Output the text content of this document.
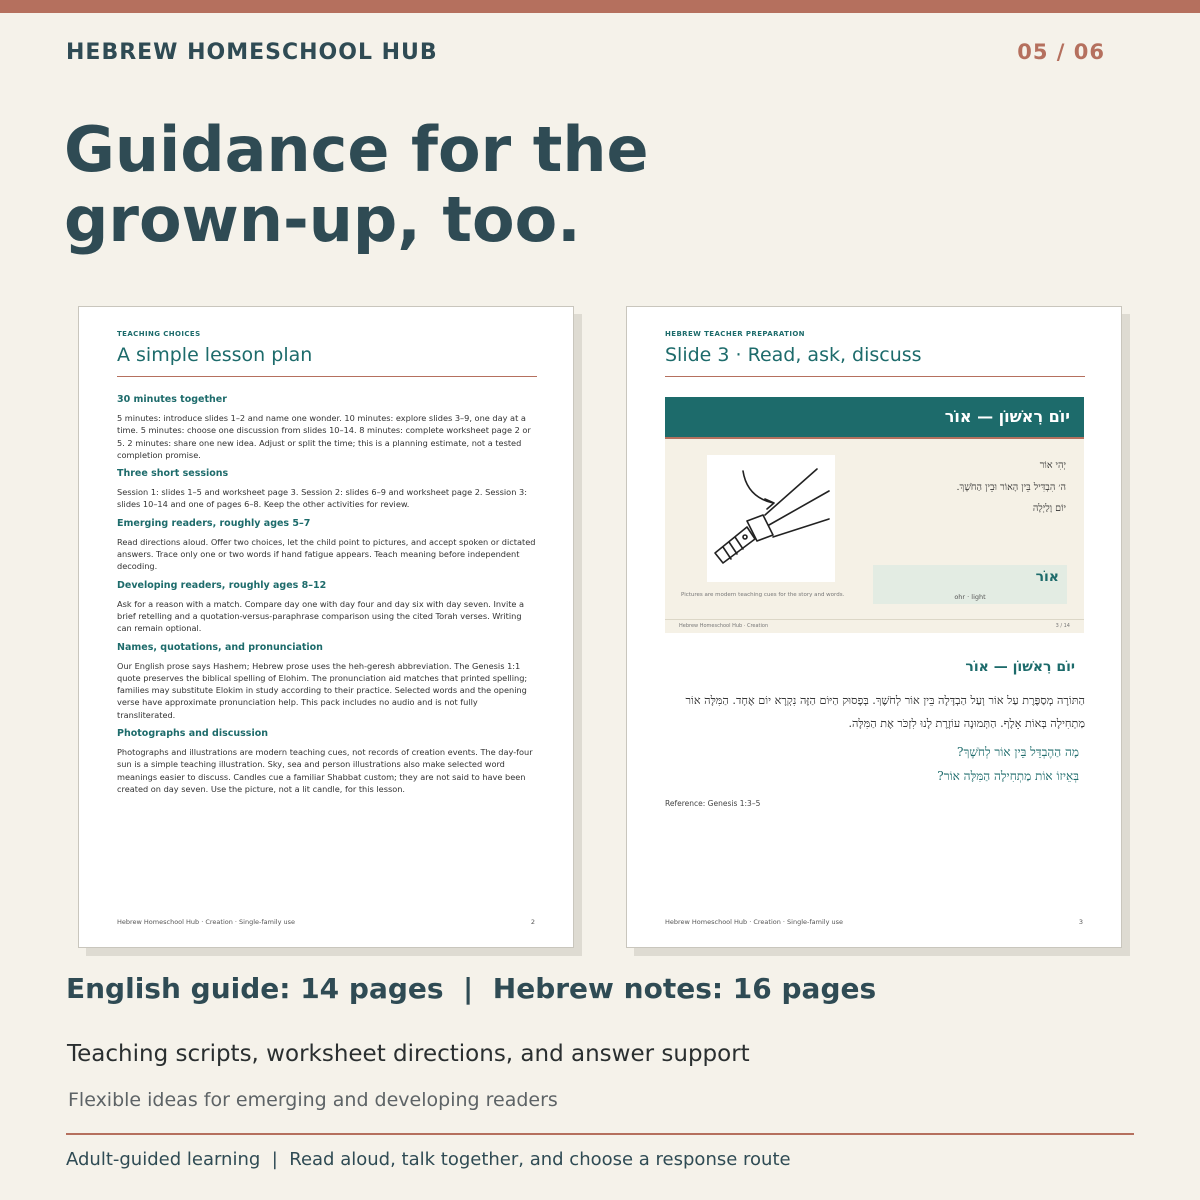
HEBREW HOMESCHOOL HUB	05 / 06
Guidance for the grown-up, too.
TEACHING CHOICES
A simple lesson plan
30 minutes together
5 minutes: introduce slides 1–2 and name one wonder. 10 minutes: explore slides 3–9, one day at a time. 5 minutes: choose one discussion from slides 10–14. 8 minutes: complete worksheet page 2 or 5. 2 minutes: share one new idea. Adjust or split the time; this is a planning estimate, not a tested completion promise.
Three short sessions
Session 1: slides 1–5 and worksheet page 3. Session 2: slides 6–9 and worksheet page 2. Session 3: slides 10–14 and one of pages 6–8. Keep the other activities for review.
Emerging readers, roughly ages 5–7
Read directions aloud. Offer two choices, let the child point to pictures, and accept spoken or dictated answers. Trace only one or two words if hand fatigue appears. Teach meaning before independent decoding.
Developing readers, roughly ages 8–12
Ask for a reason with a match. Compare day one with day four and day six with day seven. Invite a brief retelling and a quotation-versus-paraphrase comparison using the cited Torah verses. Writing can remain optional.
Names, quotations, and pronunciation
Our English prose says Hashem; Hebrew prose uses the heh-geresh abbreviation. The Genesis 1:1 quote preserves the biblical spelling of Elohim. The pronunciation aid matches that printed spelling; families may substitute Elokim in study according to their practice. Selected words and the opening verse have approximate pronunciation help. This pack includes no audio and is not fully transliterated.
Photographs and discussion
Photographs and illustrations are modern teaching cues, not records of creation events. The day-four sun is a simple teaching illustration. Sky, sea and person illustrations also make selected word meanings easier to discuss. Candles cue a familiar Shabbat custom; they are not said to have been created on day seven. Use the picture, not a lit candle, for this lesson.
Hebrew Homeschool Hub · Creation · Single-family use	2
HEBREW TEACHER PREPARATION
Slide 3 · Read, ask, discuss
יוֹם רִאשׁוֹן — אוֹר
יְהִי אוֹר
ה׳ הִבְדִּיל בֵּין הָאוֹר וּבֵין הַחֹשֶׁךְ.
יוֹם וָלַיְלָה
Pictures are modern teaching cues for the story and words.
אוֹר
ohr · light
Hebrew Homeschool Hub · Creation	3 / 14
יוֹם רִאשׁוֹן — אוֹר
הַתּוֹרָה מְסַפֶּרֶת עַל אוֹר וְעַל הַבְדָּלָה בֵּין אוֹר לְחֹשֶׁךְ. בְּפָסוּק הַיּוֹם הַזֶּה נִקְרָא יוֹם אֶחָד. הַמִּלָּה אוֹר מַתְחִילָה בְּאוֹת אָלֶף. הַתְּמוּנָה עוֹזֶרֶת לָנוּ לִזְכֹּר אֶת הַמִּלָּה.
מָה הַהֶבְדֵּל בֵּין אוֹר לְחֹשֶׁךְ?
בְּאֵיזוֹ אוֹת מַתְחִילָה הַמִּלָּה אוֹר?
Reference: Genesis 1:3–5
Hebrew Homeschool Hub · Creation · Single-family use	3
English guide: 14 pages  |  Hebrew notes: 16 pages
Teaching scripts, worksheet directions, and answer support
Flexible ideas for emerging and developing readers
Adult-guided learning  |  Read aloud, talk together, and choose a response route
